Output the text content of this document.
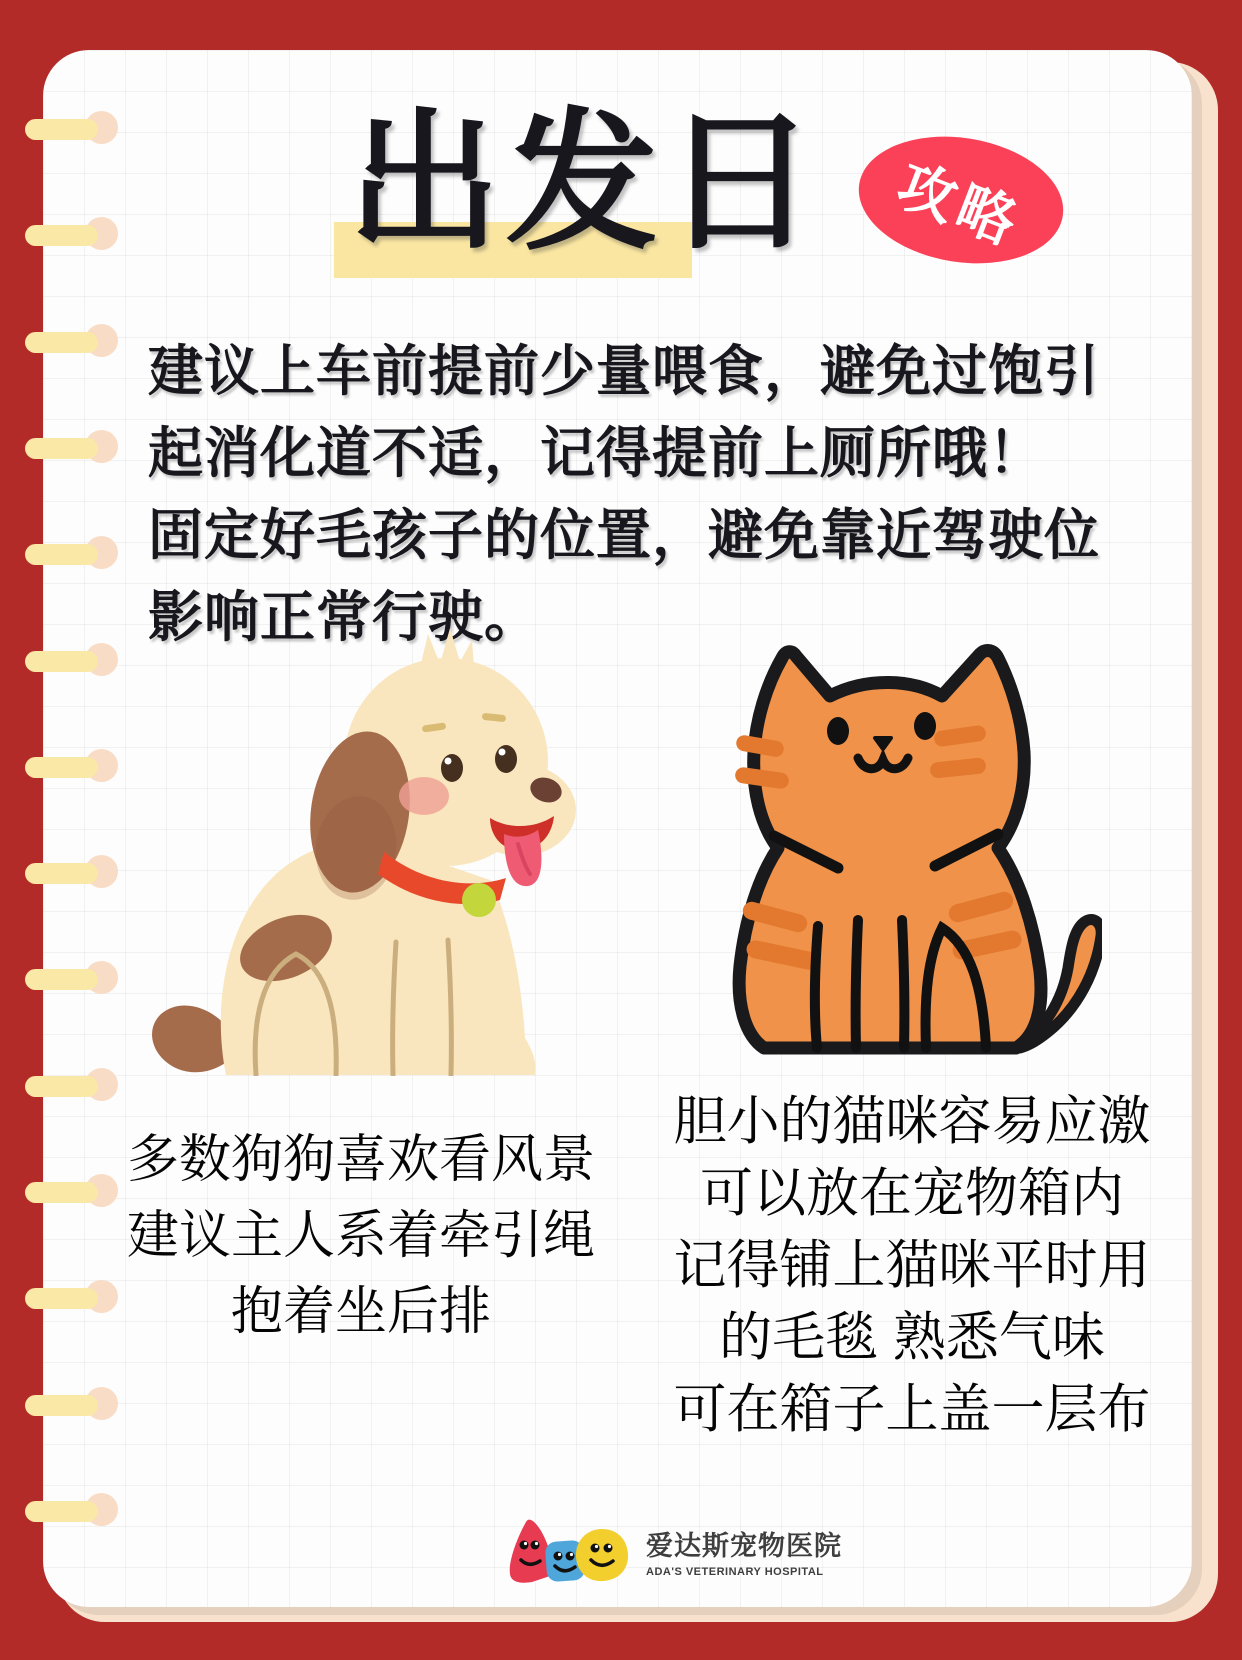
出发日 攻略
建议上车前提前少量喂食，避免过饱引
起消化道不适，记得提前上厕所哦！
固定好毛孩子的位置，避免靠近驾驶位
影响正常行驶。
多数狗狗喜欢看风景
建议主人系着牵引绳
抱着坐后排
胆小的猫咪容易应激
可以放在宠物箱内
记得铺上猫咪平时用
的毛毯 熟悉气味
可在箱子上盖一层布
爱达斯宠物医院
ADA'S VETERINARY HOSPITAL
